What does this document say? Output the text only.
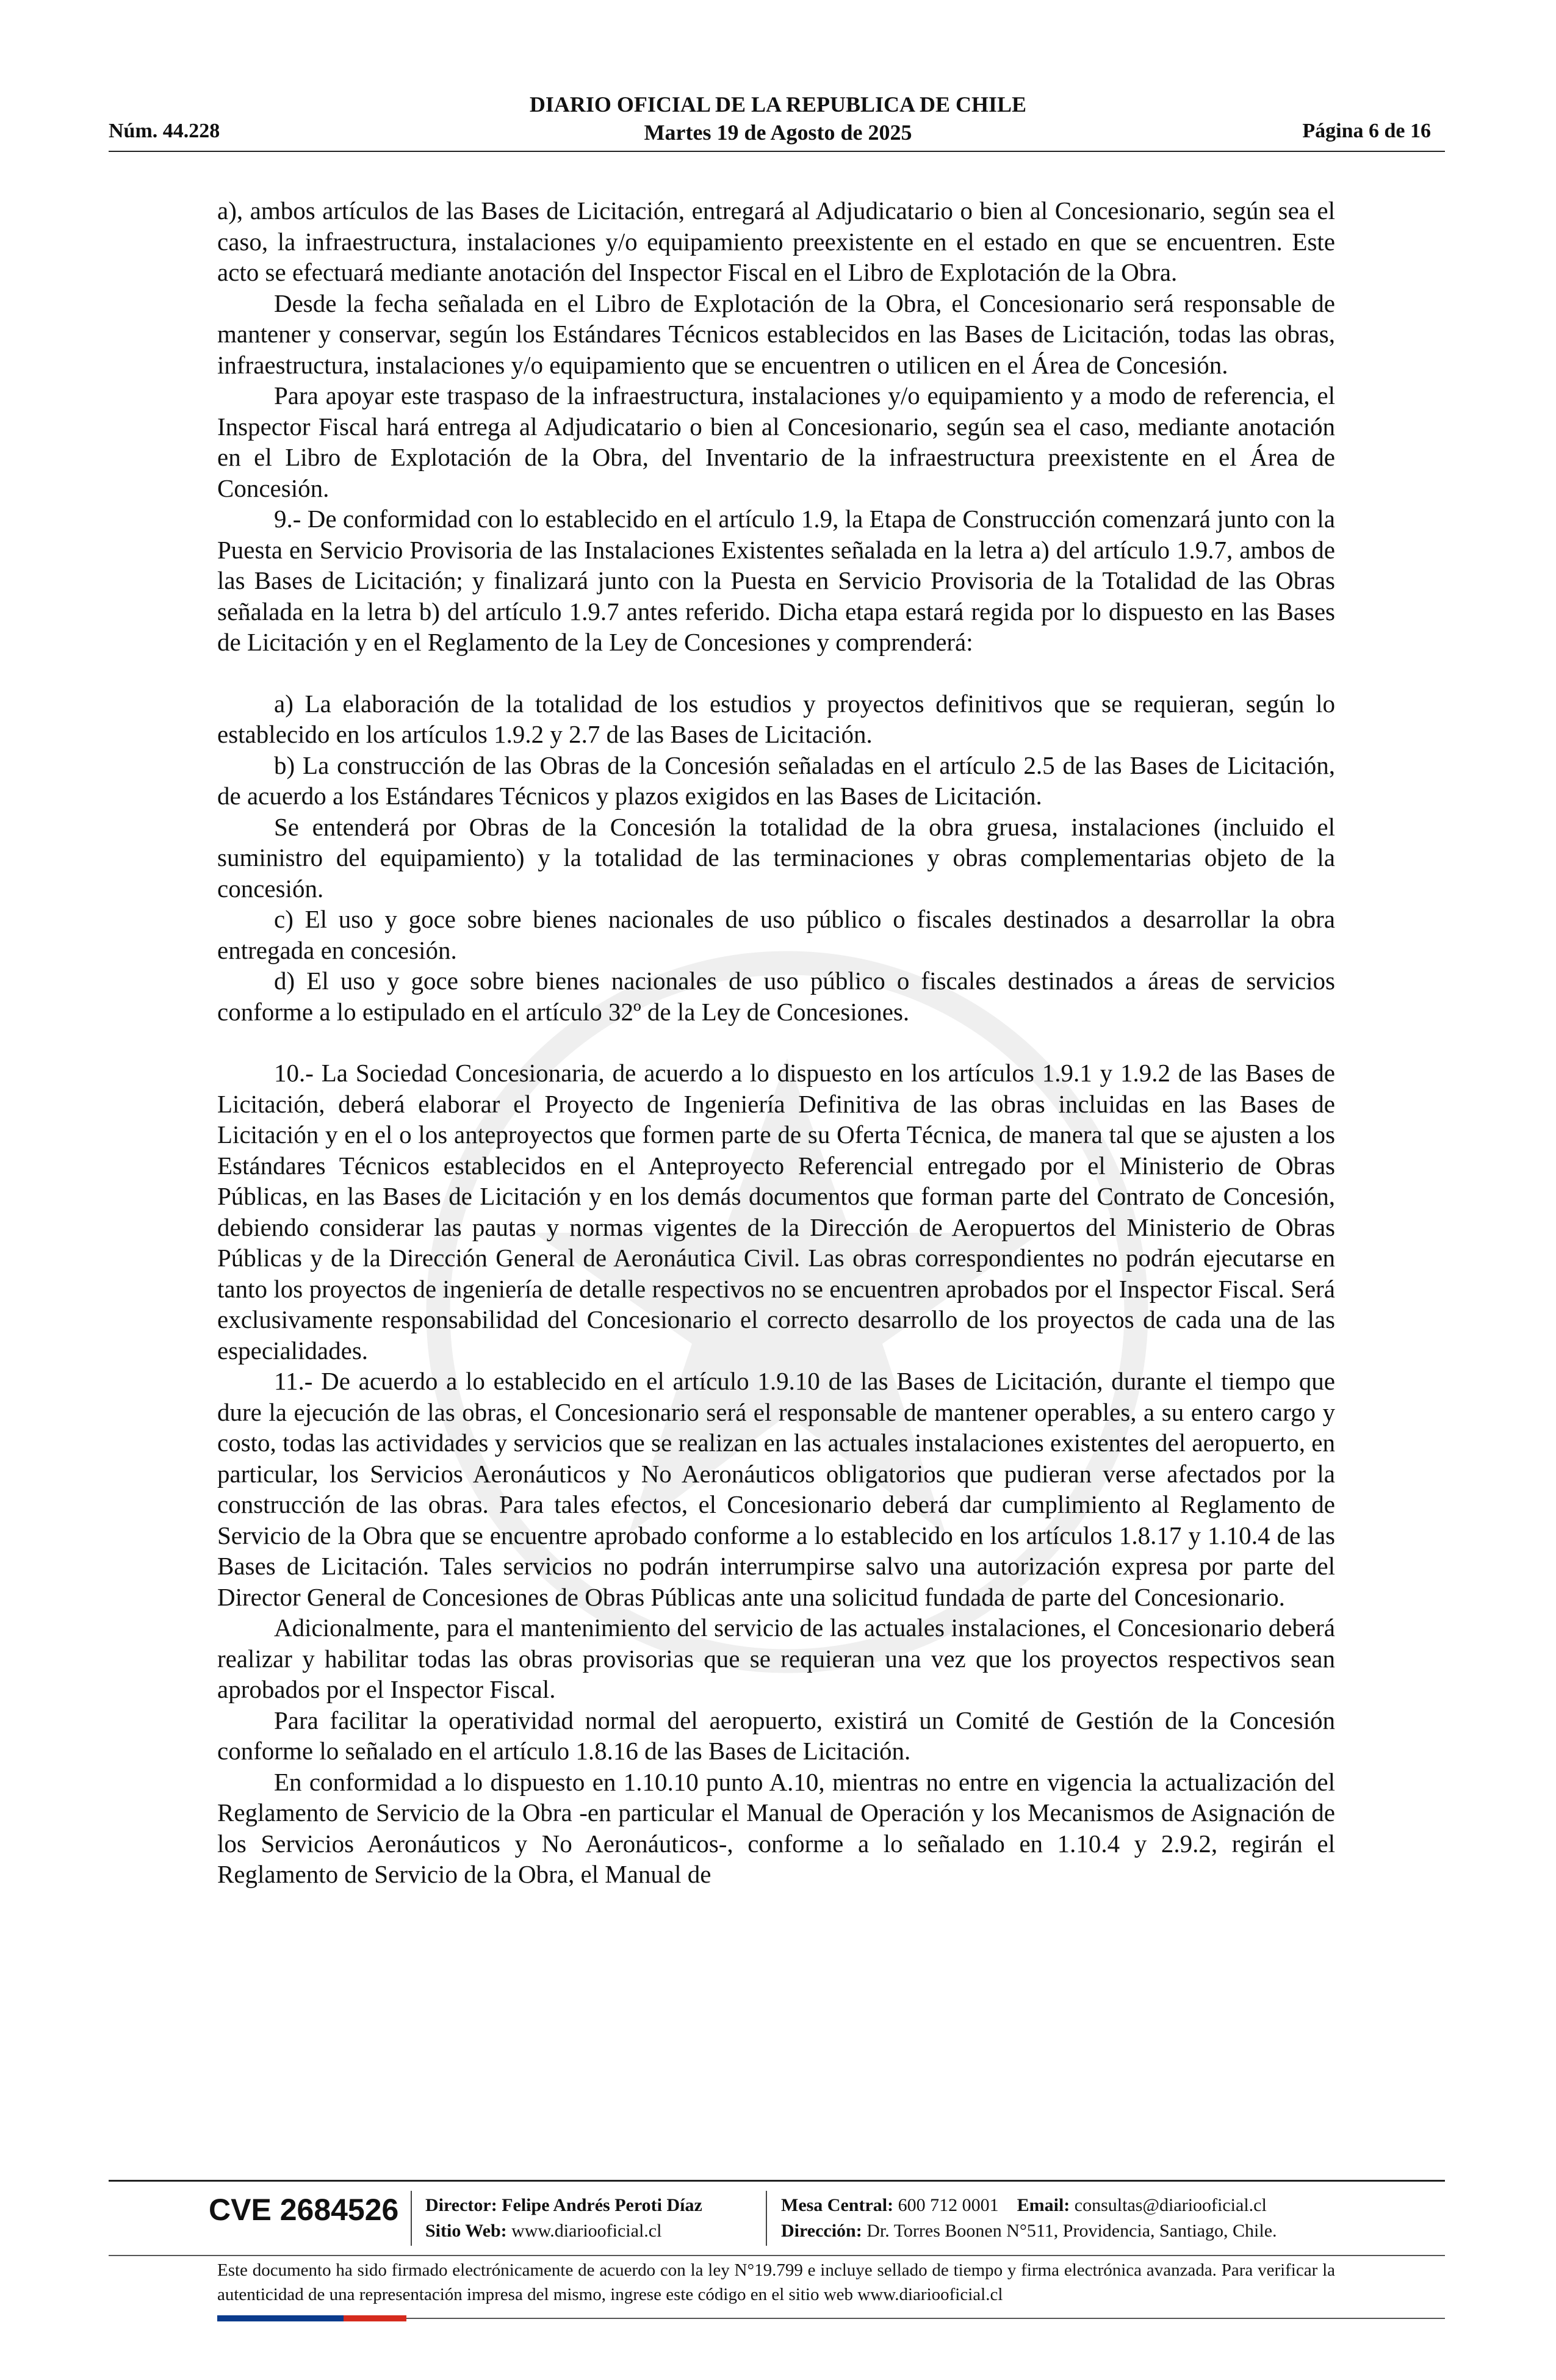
DIARIO OFICIAL DE LA REPUBLICA DE CHILE
Martes 19 de Agosto de 2025
Núm. 44.228	Página 6 de 16

a), ambos artículos de las Bases de Licitación, entregará al Adjudicatario o bien al Concesionario, según sea el caso, la infraestructura, instalaciones y/o equipamiento preexistente en el estado en que se encuentren. Este acto se efectuará mediante anotación del Inspector Fiscal en el Libro de Explotación de la Obra.

Desde la fecha señalada en el Libro de Explotación de la Obra, el Concesionario será responsable de mantener y conservar, según los Estándares Técnicos establecidos en las Bases de Licitación, todas las obras, infraestructura, instalaciones y/o equipamiento que se encuentren o utilicen en el Área de Concesión.

Para apoyar este traspaso de la infraestructura, instalaciones y/o equipamiento y a modo de referencia, el Inspector Fiscal hará entrega al Adjudicatario o bien al Concesionario, según sea el caso, mediante anotación en el Libro de Explotación de la Obra, del Inventario de la infraestructura preexistente en el Área de Concesión.

9.- De conformidad con lo establecido en el artículo 1.9, la Etapa de Construcción comenzará junto con la Puesta en Servicio Provisoria de las Instalaciones Existentes señalada en la letra a) del artículo 1.9.7, ambos de las Bases de Licitación; y finalizará junto con la Puesta en Servicio Provisoria de la Totalidad de las Obras señalada en la letra b) del artículo 1.9.7 antes referido. Dicha etapa estará regida por lo dispuesto en las Bases de Licitación y en el Reglamento de la Ley de Concesiones y comprenderá:

a) La elaboración de la totalidad de los estudios y proyectos definitivos que se requieran, según lo establecido en los artículos 1.9.2 y 2.7 de las Bases de Licitación.

b) La construcción de las Obras de la Concesión señaladas en el artículo 2.5 de las Bases de Licitación, de acuerdo a los Estándares Técnicos y plazos exigidos en las Bases de Licitación.

Se entenderá por Obras de la Concesión la totalidad de la obra gruesa, instalaciones (incluido el suministro del equipamiento) y la totalidad de las terminaciones y obras complementarias objeto de la concesión.

c) El uso y goce sobre bienes nacionales de uso público o fiscales destinados a desarrollar la obra entregada en concesión.

d) El uso y goce sobre bienes nacionales de uso público o fiscales destinados a áreas de servicios conforme a lo estipulado en el artículo 32º de la Ley de Concesiones.

10.- La Sociedad Concesionaria, de acuerdo a lo dispuesto en los artículos 1.9.1 y 1.9.2 de las Bases de Licitación, deberá elaborar el Proyecto de Ingeniería Definitiva de las obras incluidas en las Bases de Licitación y en el o los anteproyectos que formen parte de su Oferta Técnica, de manera tal que se ajusten a los Estándares Técnicos establecidos en el Anteproyecto Referencial entregado por el Ministerio de Obras Públicas, en las Bases de Licitación y en los demás documentos que forman parte del Contrato de Concesión, debiendo considerar las pautas y normas vigentes de la Dirección de Aeropuertos del Ministerio de Obras Públicas y de la Dirección General de Aeronáutica Civil. Las obras correspondientes no podrán ejecutarse en tanto los proyectos de ingeniería de detalle respectivos no se encuentren aprobados por el Inspector Fiscal. Será exclusivamente responsabilidad del Concesionario el correcto desarrollo de los proyectos de cada una de las especialidades.

11.- De acuerdo a lo establecido en el artículo 1.9.10 de las Bases de Licitación, durante el tiempo que dure la ejecución de las obras, el Concesionario será el responsable de mantener operables, a su entero cargo y costo, todas las actividades y servicios que se realizan en las actuales instalaciones existentes del aeropuerto, en particular, los Servicios Aeronáuticos y No Aeronáuticos obligatorios que pudieran verse afectados por la construcción de las obras. Para tales efectos, el Concesionario deberá dar cumplimiento al Reglamento de Servicio de la Obra que se encuentre aprobado conforme a lo establecido en los artículos 1.8.17 y 1.10.4 de las Bases de Licitación. Tales servicios no podrán interrumpirse salvo una autorización expresa por parte del Director General de Concesiones de Obras Públicas ante una solicitud fundada de parte del Concesionario.

Adicionalmente, para el mantenimiento del servicio de las actuales instalaciones, el Concesionario deberá realizar y habilitar todas las obras provisorias que se requieran una vez que los proyectos respectivos sean aprobados por el Inspector Fiscal.

Para facilitar la operatividad normal del aeropuerto, existirá un Comité de Gestión de la Concesión conforme lo señalado en el artículo 1.8.16 de las Bases de Licitación.

En conformidad a lo dispuesto en 1.10.10 punto A.10, mientras no entre en vigencia la actualización del Reglamento de Servicio de la Obra -en particular el Manual de Operación y los Mecanismos de Asignación de los Servicios Aeronáuticos y No Aeronáuticos-, conforme a lo señalado en 1.10.4 y 2.9.2, regirán el Reglamento de Servicio de la Obra, el Manual de

CVE 2684526 Director: Felipe Andrés Peroti Díaz
Sitio Web: www.diariooficial.cl
Mesa Central: 600 712 0001 Email: consultas@diariooficial.cl
Dirección: Dr. Torres Boonen N°511, Providencia, Santiago, Chile.
Este documento ha sido firmado electrónicamente de acuerdo con la ley N°19.799 e incluye sellado de tiempo y firma electrónica avanzada. Para verificar la autenticidad de una representación impresa del mismo, ingrese este código en el sitio web www.diariooficial.cl
